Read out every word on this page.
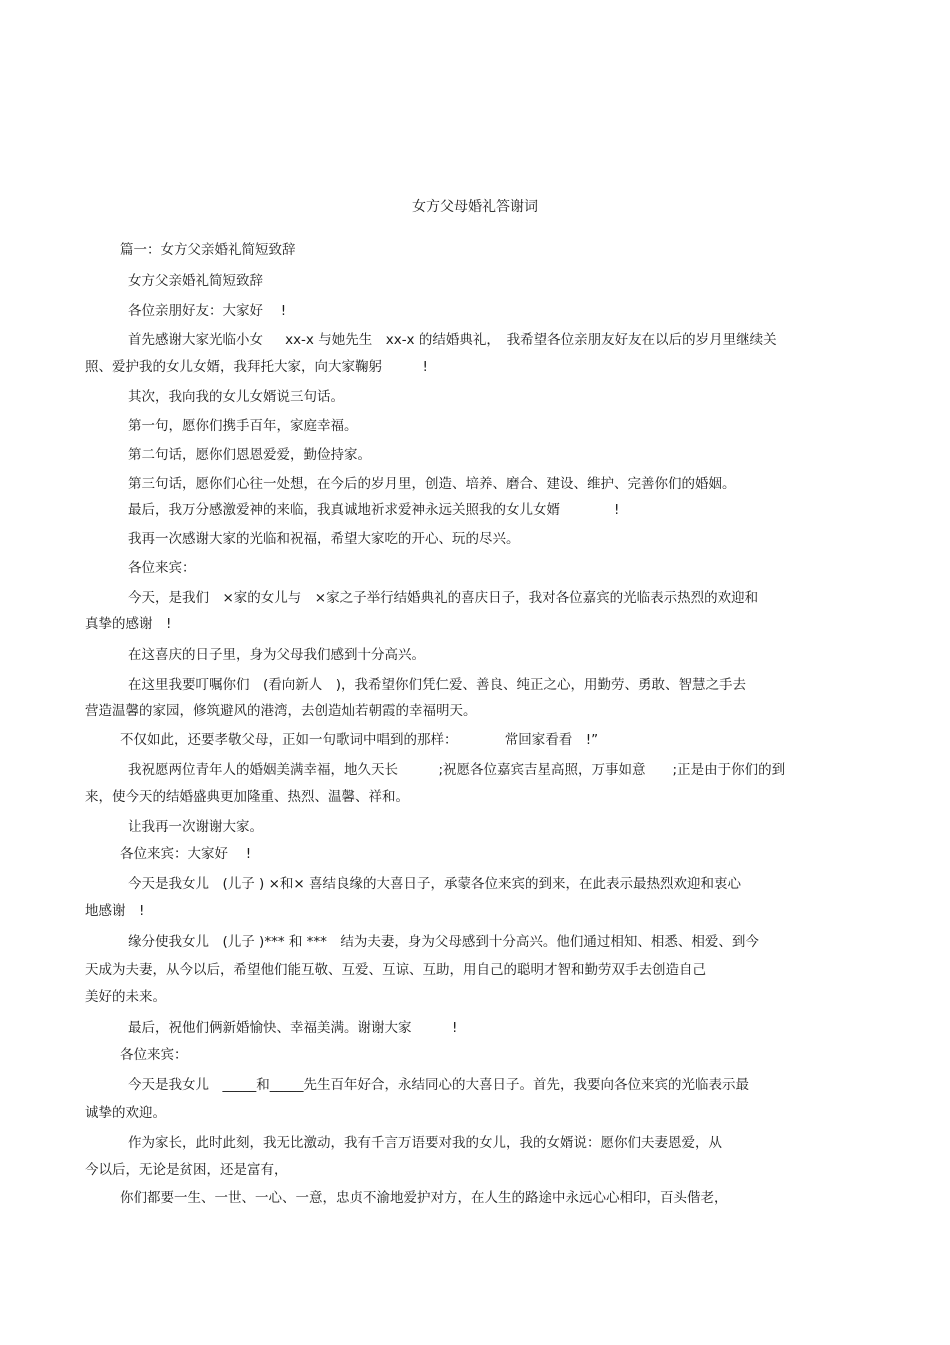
女方父母婚礼答谢词
篇一：女方父亲婚礼简短致辞
女方父亲婚礼简短致辞
各位亲朋好友：大家好　 !
首先感谢大家光临小女　  xx-x 与她先生　xx-x 的结婚典礼，　我希望各位亲朋友好友在以后的岁月里继续关
照、爱护我的女儿女婿，我拜托大家，向大家鞠躬　　　!
其次，我向我的女儿女婿说三句话。
第一句，愿你们携手百年，家庭幸福。
第二句话，愿你们恩恩爱爱，勤俭持家。
第三句话，愿你们心往一处想，在今后的岁月里，创造、培养、磨合、建设、维护、完善你们的婚姻。
最后，我万分感激爱神的来临，我真诚地祈求爱神永远关照我的女儿女婿　　　　!
我再一次感谢大家的光临和祝福，希望大家吃的开心、玩的尽兴。
各位来宾：
今天，是我们　×家的女儿与　×家之子举行结婚典礼的喜庆日子，我对各位嘉宾的光临表示热烈的欢迎和
真挚的感谢　!
在这喜庆的日子里，身为父母我们感到十分高兴。
在这里我要叮嘱你们　(看向新人　)，我希望你们凭仁爱、善良、纯正之心，用勤劳、勇敢、智慧之手去
营造温馨的家园，修筑避风的港湾，去创造灿若朝霞的幸福明天。
不仅如此，还要孝敬父母，正如一句歌词中唱到的那样：　　　　常回家看看　!”
我祝愿两位青年人的婚姻美满幸福，地久天长　　　;祝愿各位嘉宾吉星高照，万事如意　　;正是由于你们的到
来，使今天的结婚盛典更加隆重、热烈、温馨、祥和。
让我再一次谢谢大家。
各位来宾：大家好　 !
今天是我女儿　(儿子 ) ×和× 喜结良缘的大喜日子，承蒙各位来宾的到来，在此表示最热烈欢迎和衷心
地感谢　!
缘分使我女儿　(儿子 )*** 和 ***　结为夫妻，身为父母感到十分高兴。他们通过相知、相悉、相爱、到今
天成为夫妻，从今以后，希望他们能互敬、互爱、互谅、互助，用自己的聪明才智和勤劳双手去创造自己
美好的未来。
最后，祝他们俩新婚愉快、幸福美满。谢谢大家　　　!
各位来宾：
今天是我女儿　_____和_____先生百年好合，永结同心的大喜日子。首先，我要向各位来宾的光临表示最
诚挚的欢迎。
作为家长，此时此刻，我无比激动，我有千言万语要对我的女儿，我的女婿说：愿你们夫妻恩爱，从
今以后，无论是贫困，还是富有，
你们都要一生、一世、一心、一意，忠贞不渝地爱护对方，在人生的路途中永远心心相印，百头偕老，
